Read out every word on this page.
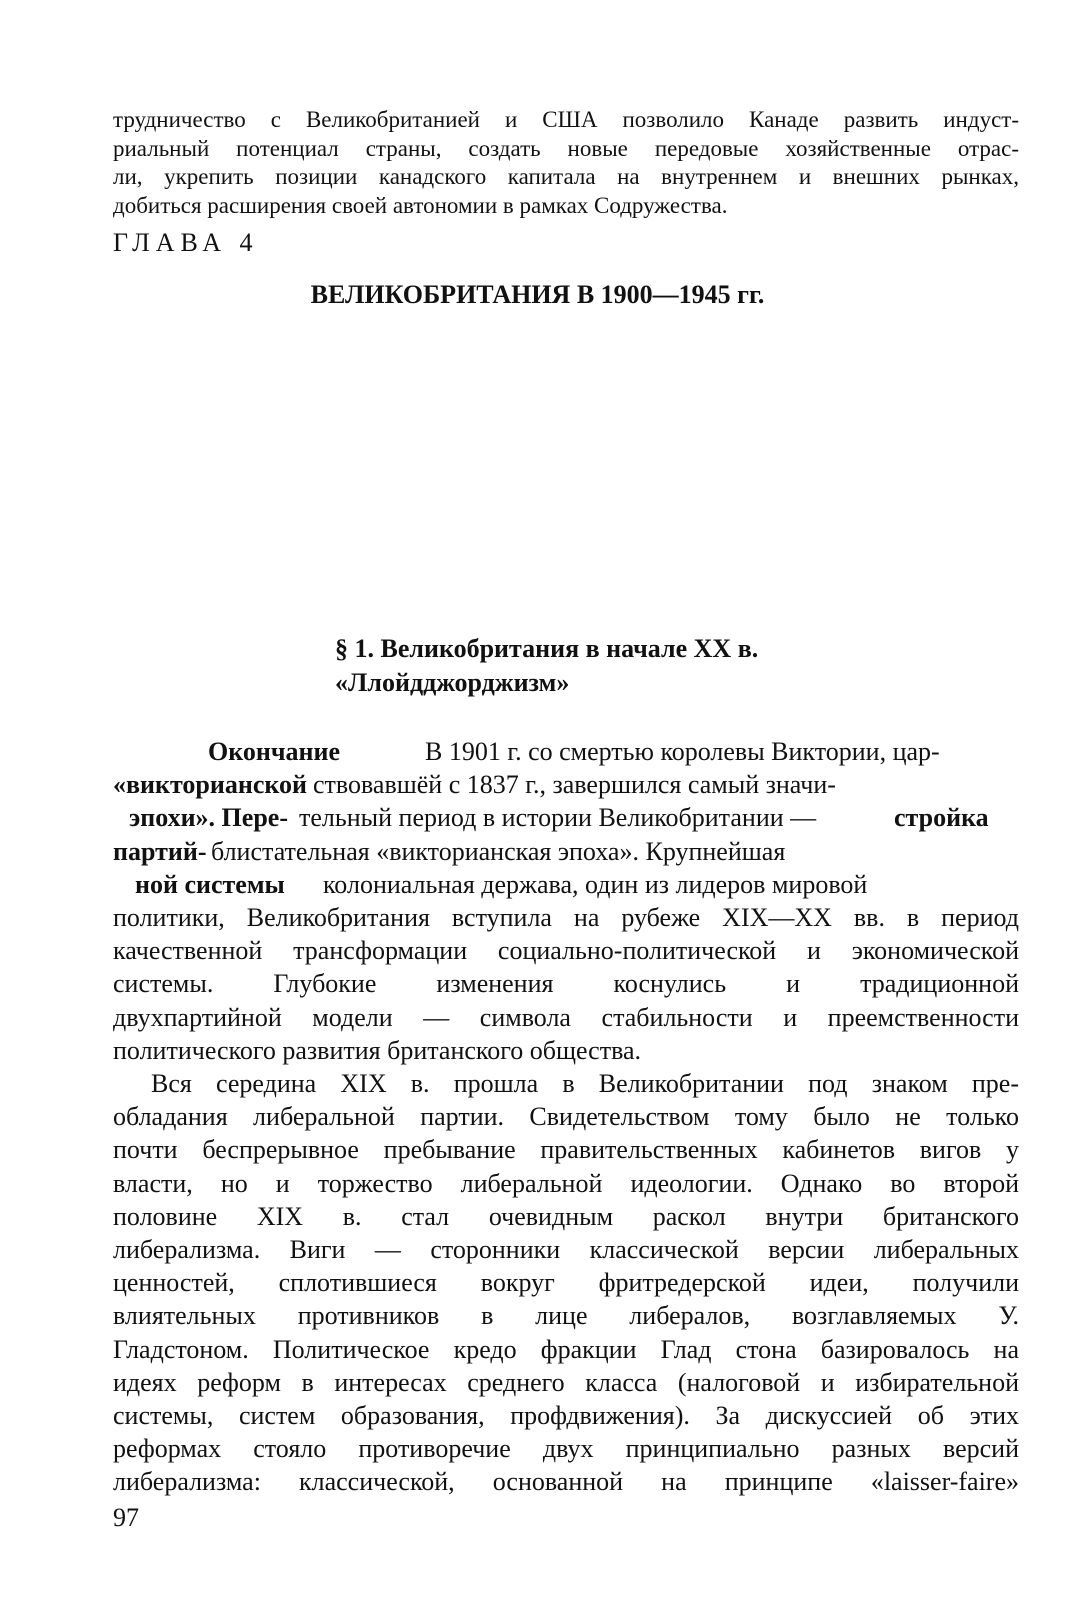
трудничество с Великобританией и США позволило Канаде развить индуст-
риальный потенциал страны, создать новые передовые хозяйственные отрас-
ли, укрепить позиции канадского капитала на внутреннем и внешних рынках,
добиться расширения своей автономии в рамках Содружества.
ГЛАВА 4
ВЕЛИКОБРИТАНИЯ В 1900—1945 гг.
§ 1. Великобритания в начале XX в.
«Ллойдджорджизм»
Окончание	В 1901 г. со смертью королевы Виктории, цар-
«викторианской ствовавшёй с 1837 г., завершился самый значи-
эпохи». Пере- тельный период в истории Великобритании —	стройка
партий- блистательная «викторианская эпоха». Крупнейшая
ной системы колониальная держава, один из лидеров мировой
политики, Великобритания вступила на рубеже XIX—XX вв. в период
качественной трансформации социально-политической и экономической
системы. Глубокие изменения коснулись и традиционной
двухпартийной модели — символа стабильности и преемственности
политического развития британского общества.
Вся середина XIX в. прошла в Великобритании под знаком пре-
обладания либеральной партии. Свидетельством тому было не только
почти беспрерывное пребывание правительственных кабинетов вигов у
власти, но и торжество либеральной идеологии. Однако во второй
половине XIX в. стал очевидным раскол внутри британского
либерализма. Виги — сторонники классической версии либеральных
ценностей, сплотившиеся вокруг фритредерской идеи, получили
влиятельных противников в лице либералов, возглавляемых У.
Гладстоном. Политическое кредо фракции Глад стона базировалось на
идеях реформ в интересах среднего класса (налоговой и избирательной
системы, систем образования, профдвижения). За дискуссией об этих
реформах стояло противоречие двух принципиально разных версий
либерализма: классической, основанной на принципе «laisser-faire»
97
